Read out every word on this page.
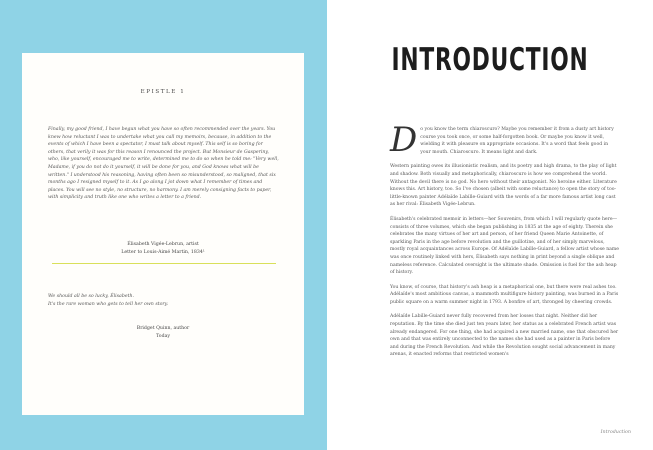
EPISTLE 1

Finally, my good friend, I have begun what you have so often recommended over the years. You knew how reluctant I was to undertake what you call my memoirs, because, in addition to the events of which I have been a spectator, I must talk about myself. This self is so boring for others, that verily it was for this reason I renounced the project. But Monsieur de Gasperiny, who, like yourself, encouraged me to write, determined me to do so when he told me: "Very well, Madame, if you do not do it yourself, it will be done for you, and God knows what will be written." I understood his reasoning, having often been so misunderstood, so maligned, that six months ago I resigned myself to it. As I go along I jot down what I remember of times and places. You will see no style, no structure, no harmony. I am merely consigning facts to paper, with simplicity and truth like one who writes a letter to a friend.

Élisabeth Vigée-Lebrun, artist
Letter to Louis-Aimé Martin, 1834¹
We should all be so lucky, Élisabeth.
It's the rare woman who gets to tell her own story.
Bridget Quinn, author
Today
INTRODUCTION

Do you know the term chiaroscuro? Maybe you remember it from a dusty art history course you took once, or some half-forgotten book. Or maybe you know it well, wielding it with pleasure on appropriate occasions. It's a word that feels good in your mouth. Chiaroscuro. It means light and dark.

Western painting owes its illusionistic realism, and its poetry and high drama, to the play of light and shadow. Both visually and metaphorically, chiaroscuro is how we comprehend the world. Without the devil there is no god. No hero without their antagonist. No heroine either. Literature knows this. Art history, too. So I've chosen (albeit with some reluctance) to open the story of too-little-known painter Adélaïde Labille-Guiard with the words of a far more famous artist long cast as her rival: Élisabeth Vigée-Lebrun.

Élisabeth's celebrated memoir in letters—her Souvenirs, from which I will regularly quote here—consists of three volumes, which she began publishing in 1835 at the age of eighty. Therein she celebrates the many virtues of her art and person, of her friend Queen Marie Antoinette, of sparkling Paris in the age before revolution and the guillotine, and of her simply marvelous, mostly royal acquaintances across Europe. Of Adélaïde Labille-Guiard, a fellow artist whose name was once routinely linked with hers, Élisabeth says nothing in print beyond a single oblique and nameless reference. Calculated oversight is the ultimate shade. Omission is fuel for the ash heap of history.

You know, of course, that history's ash heap is a metaphorical one, but there were real ashes too. Adélaïde's most ambitious canvas, a mammoth multifigure history painting, was burned in a Paris public square on a warm summer night in 1793. A bonfire of art, thronged by cheering crowds.

Adélaïde Labille-Guiard never fully recovered from her losses that night. Neither did her reputation. By the time she died just ten years later, her status as a celebrated French artist was already endangered. For one thing, she had acquired a new married name, one that obscured her own and that was entirely unconnected to the names she had used as a painter in Paris before and during the French Revolution. And while the Revolution sought social advancement in many arenas, it enacted reforms that restricted women's

Introduction
